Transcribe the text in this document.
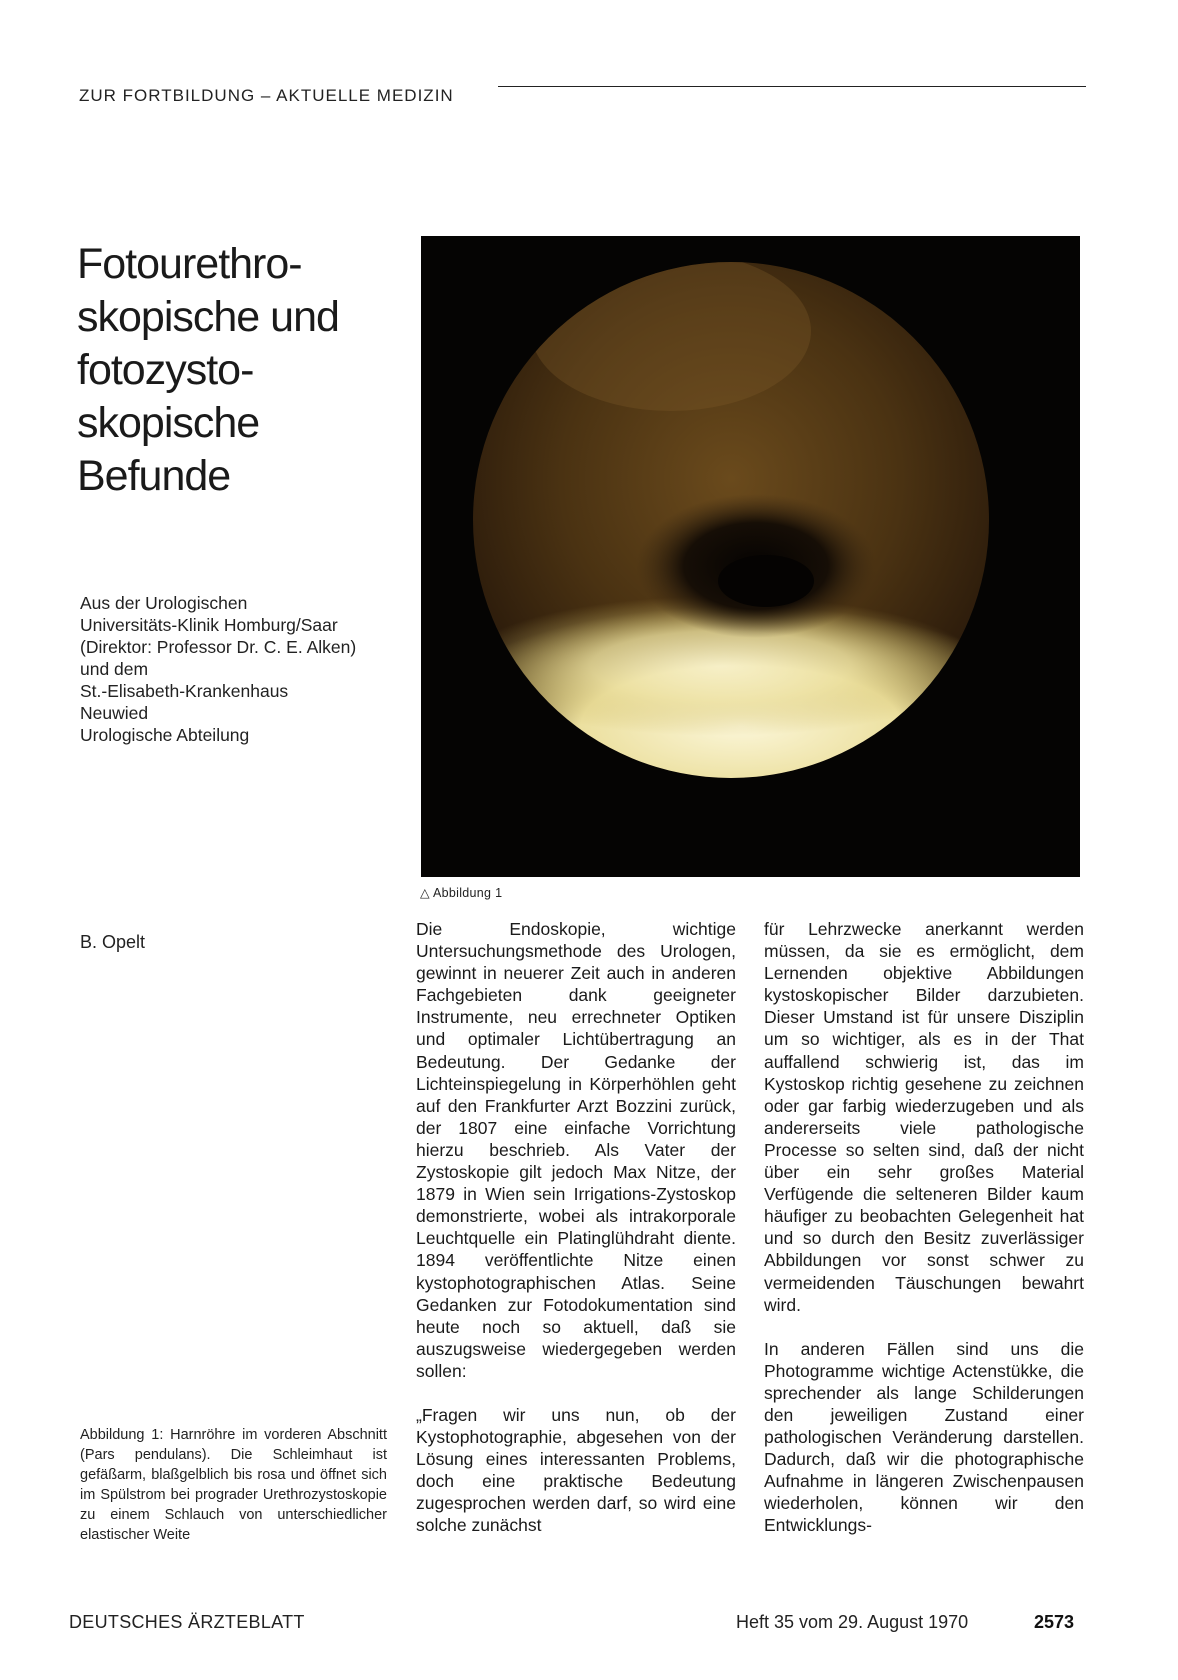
ZUR FORTBILDUNG – AKTUELLE MEDIZIN
Fotourethro-
skopische und
fotozysto-
skopische
Befunde
Aus der Urologischen
Universitäts-Klinik Homburg/Saar
(Direktor: Professor Dr. C. E. Alken)
und dem
St.-Elisabeth-Krankenhaus
Neuwied
Urologische Abteilung
△ Abbildung 1
B. Opelt
Abbildung 1: Harnröhre im vorderen Abschnitt (Pars pendulans). Die Schleimhaut ist gefäßarm, blaßgelblich bis rosa und öffnet sich im Spülstrom bei prograder Urethrozystoskopie zu einem Schlauch von unterschiedlicher elastischer Weite

Die Endoskopie, wichtige Untersuchungsmethode des Urologen, gewinnt in neuerer Zeit auch in anderen Fachgebieten dank geeigneter Instrumente, neu errechneter Optiken und optimaler Lichtübertragung an Bedeutung. Der Gedanke der Lichteinspiegelung in Körperhöhlen geht auf den Frankfurter Arzt Bozzini zurück, der 1807 eine einfache Vorrichtung hierzu beschrieb. Als Vater der Zystoskopie gilt jedoch Max Nitze, der 1879 in Wien sein Irrigations-Zystoskop demonstrierte, wobei als intrakorporale Leuchtquelle ein Platinglühdraht diente. 1894 veröffentlichte Nitze einen kystophotographischen Atlas. Seine Gedanken zur Fotodokumentation sind heute noch so aktuell, daß sie auszugsweise wiedergegeben werden sollen:

„Fragen wir uns nun, ob der Kystophotographie, abgesehen von der Lösung eines interessanten Problems, doch eine praktische Bedeutung zugesprochen werden darf, so wird eine solche zunächst

für Lehrzwecke anerkannt werden müssen, da sie es ermöglicht, dem Lernenden objektive Abbildungen kystoskopischer Bilder darzubieten. Dieser Umstand ist für unsere Disziplin um so wichtiger, als es in der That auffallend schwierig ist, das im Kystoskop richtig gesehene zu zeichnen oder gar farbig wiederzugeben und als andererseits viele pathologische Processe so selten sind, daß der nicht über ein sehr großes Material Verfügende die selteneren Bilder kaum häufiger zu beobachten Gelegenheit hat und so durch den Besitz zuverlässiger Abbildungen vor sonst schwer zu vermeidenden Täuschungen bewahrt wird.

In anderen Fällen sind uns die Photogramme wichtige Actenstükke, die sprechender als lange Schilderungen den jeweiligen Zustand einer pathologischen Veränderung darstellen. Dadurch, daß wir die photographische Aufnahme in längeren Zwischenpausen wiederholen, können wir den Entwicklungs-

DEUTSCHES ÄRZTEBLATT	Heft 35 vom 29. August 1970	2573
